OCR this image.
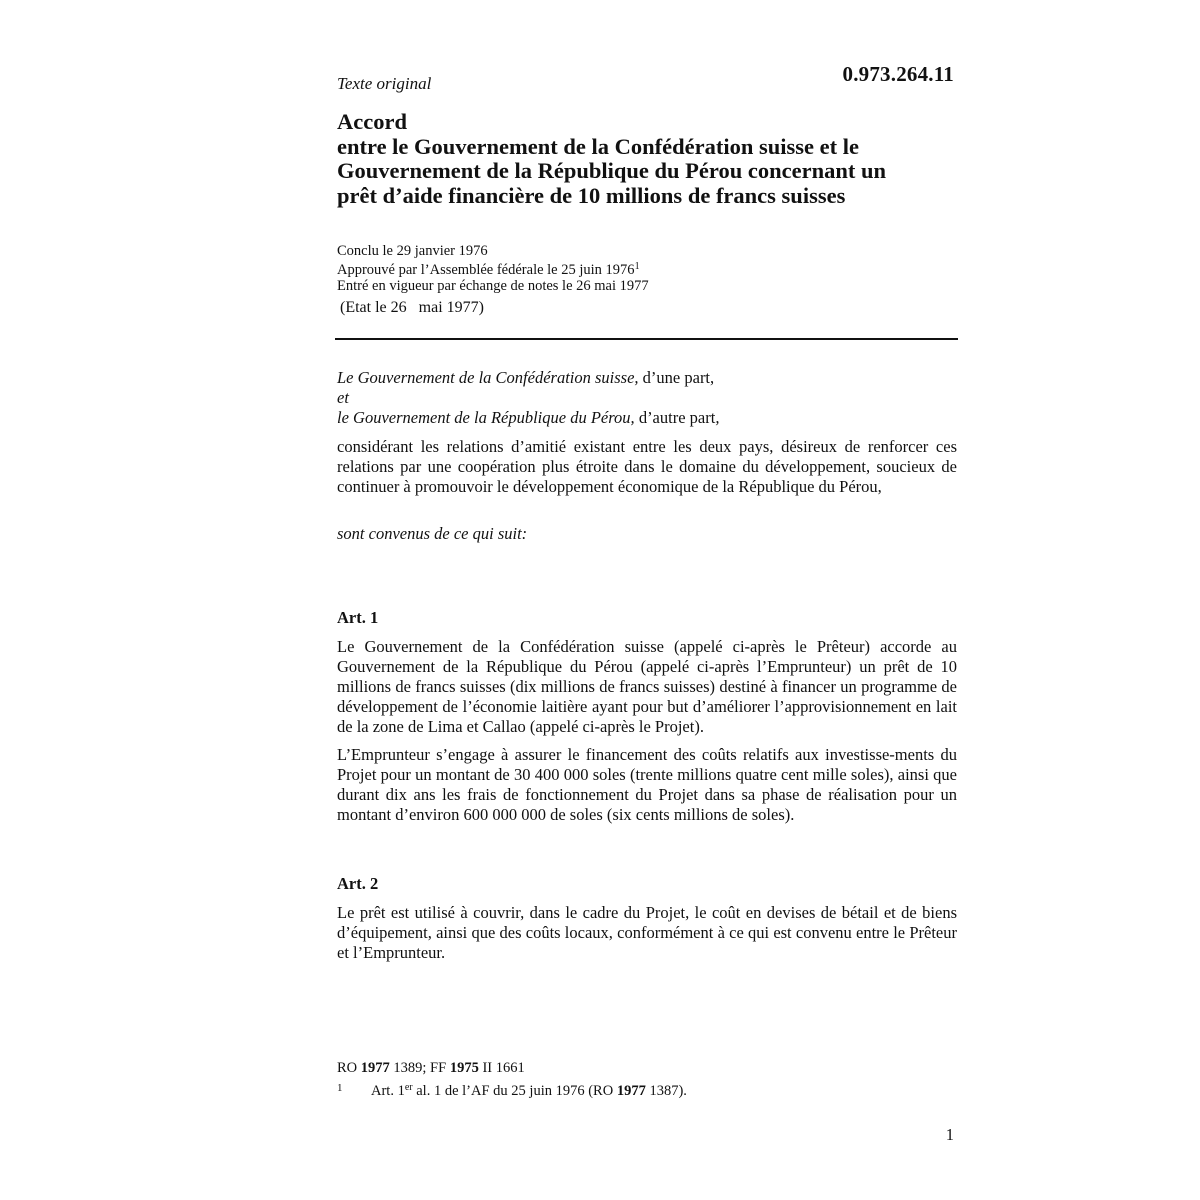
Texte original	0.973.264.11
Accord
entre le Gouvernement de la Confédération suisse et le
Gouvernement de la République du Pérou concernant un
prêt d’aide financière de 10 millions de francs suisses
Conclu le 29 janvier 1976
Approuvé par l’Assemblée fédérale le 25 juin 1976$^1$
Entré en vigueur par échange de notes le 26 mai 1977
(Etat le 26   mai 1977)
Le Gouvernement de la Confédération suisse, d’une part,
et
le Gouvernement de la République du Pérou, d’autre part,
considérant les relations d’amitié existant entre les deux pays, désireux de renforcer ces relations par une coopération plus étroite dans le domaine du développement, soucieux de continuer à promouvoir le développement économique de la République du Pérou,
sont convenus de ce qui suit:
Art. 1
Le Gouvernement de la Confédération suisse (appelé ci-après le Prêteur) accorde au Gouvernement de la République du Pérou (appelé ci-après l’Emprunteur) un prêt de 10 millions de francs suisses (dix millions de francs suisses) destiné à financer un programme de développement de l’économie laitière ayant pour but d’améliorer l’approvisionnement en lait de la zone de Lima et Callao (appelé ci-après le Projet).
L’Emprunteur s’engage à assurer le financement des coûts relatifs aux investisse-ments du Projet pour un montant de 30 400 000 soles (trente millions quatre cent mille soles), ainsi que durant dix ans les frais de fonctionnement du Projet dans sa phase de réalisation pour un montant d’environ 600 000 000 de soles (six cents millions de soles).
Art. 2
Le prêt est utilisé à couvrir, dans le cadre du Projet, le coût en devises de bétail et de biens d’équipement, ainsi que des coûts locaux, conformément à ce qui est convenu entre le Prêteur et l’Emprunteur.
RO 1977 1389; FF 1975 II 1661
1 Art. 1er al. 1 de l’AF du 25 juin 1976 (RO 1977 1387).
1
